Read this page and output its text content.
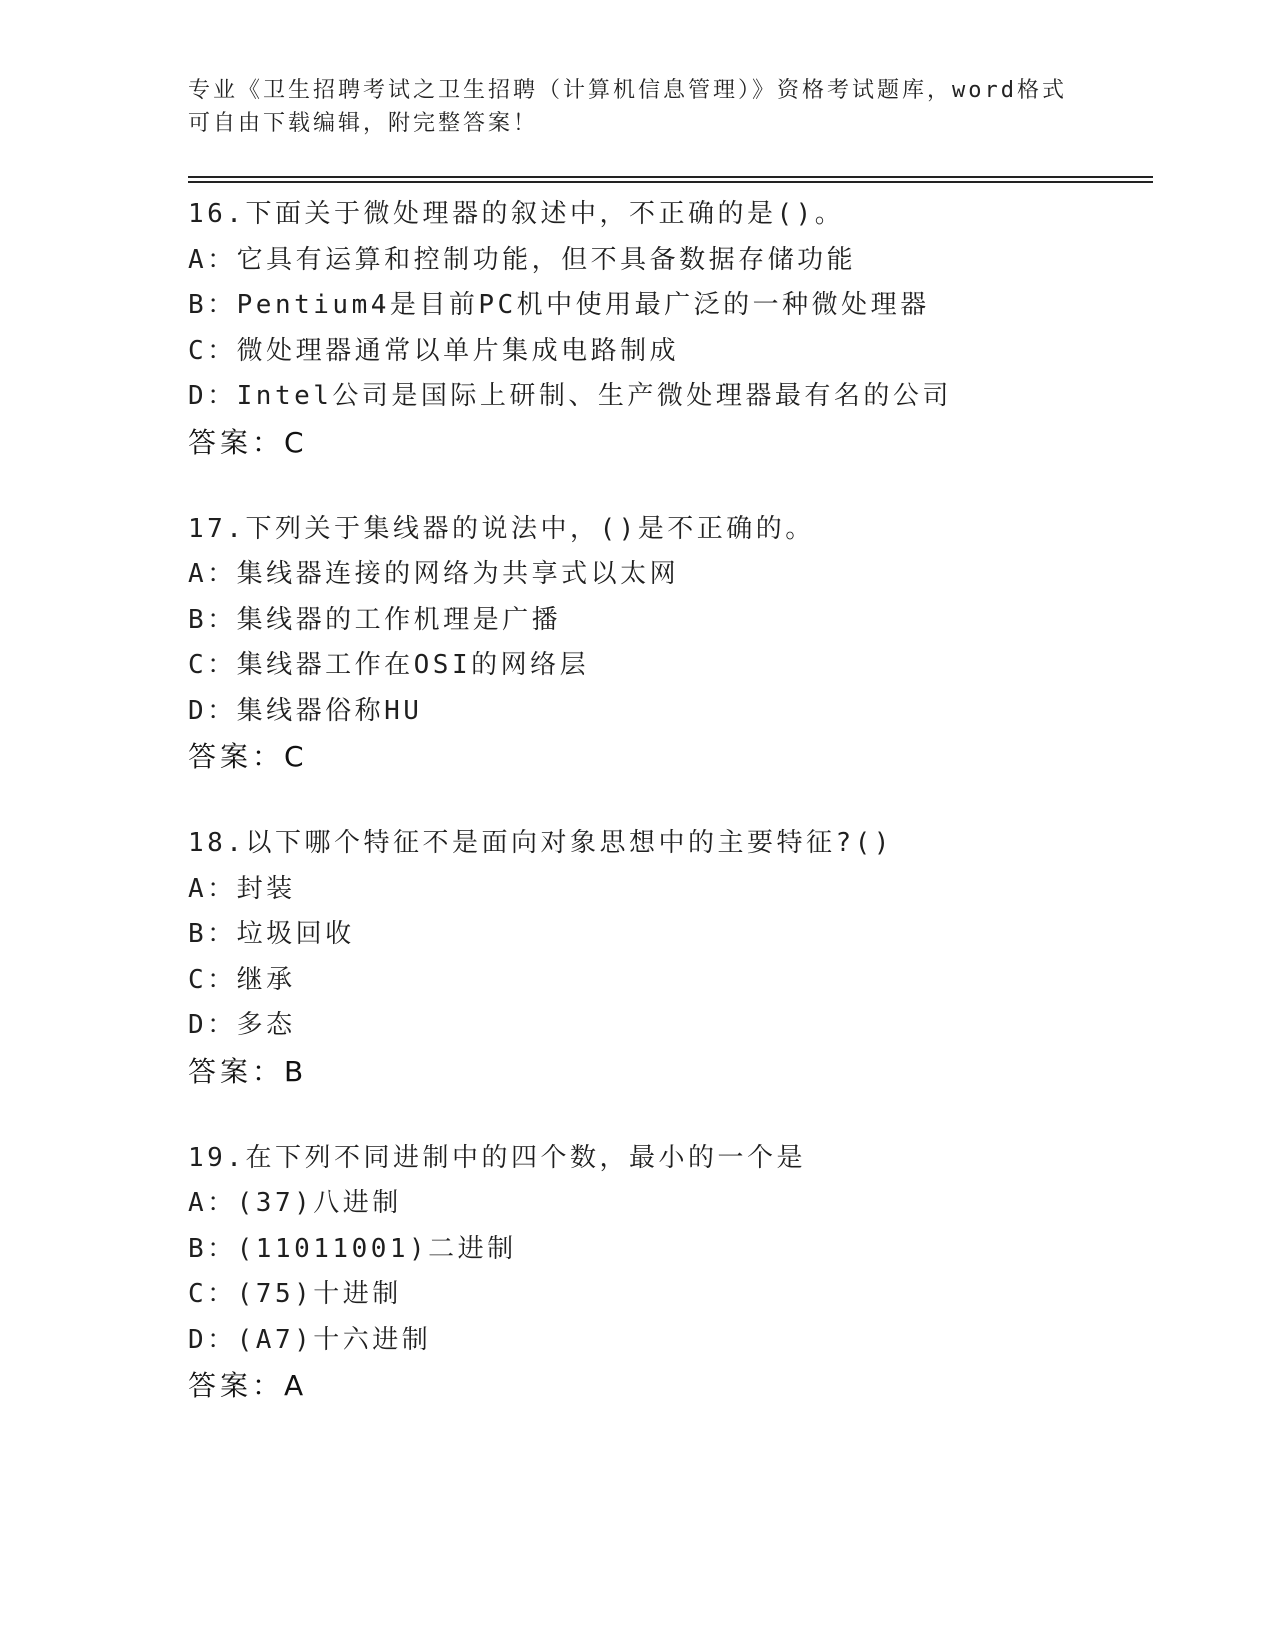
专业《卫生招聘考试之卫生招聘（计算机信息管理）》资格考试题库，word格式
可自由下载编辑，附完整答案！
16.下面关于微处理器的叙述中，不正确的是()。
A：它具有运算和控制功能，但不具备数据存储功能
B：Pentium4是目前PC机中使用最广泛的一种微处理器
C：微处理器通常以单片集成电路制成
D：Intel公司是国际上研制、生产微处理器最有名的公司
答案：C
17.下列关于集线器的说法中，()是不正确的。
A：集线器连接的网络为共享式以太网
B：集线器的工作机理是广播
C：集线器工作在OSI的网络层
D：集线器俗称HU
答案：C
18.以下哪个特征不是面向对象思想中的主要特征?()
A：封装
B：垃圾回收
C：继承
D：多态
答案：B
19.在下列不同进制中的四个数，最小的一个是
A：(37)八进制
B：(11011001)二进制
C：(75)十进制
D：(A7)十六进制
答案：A
